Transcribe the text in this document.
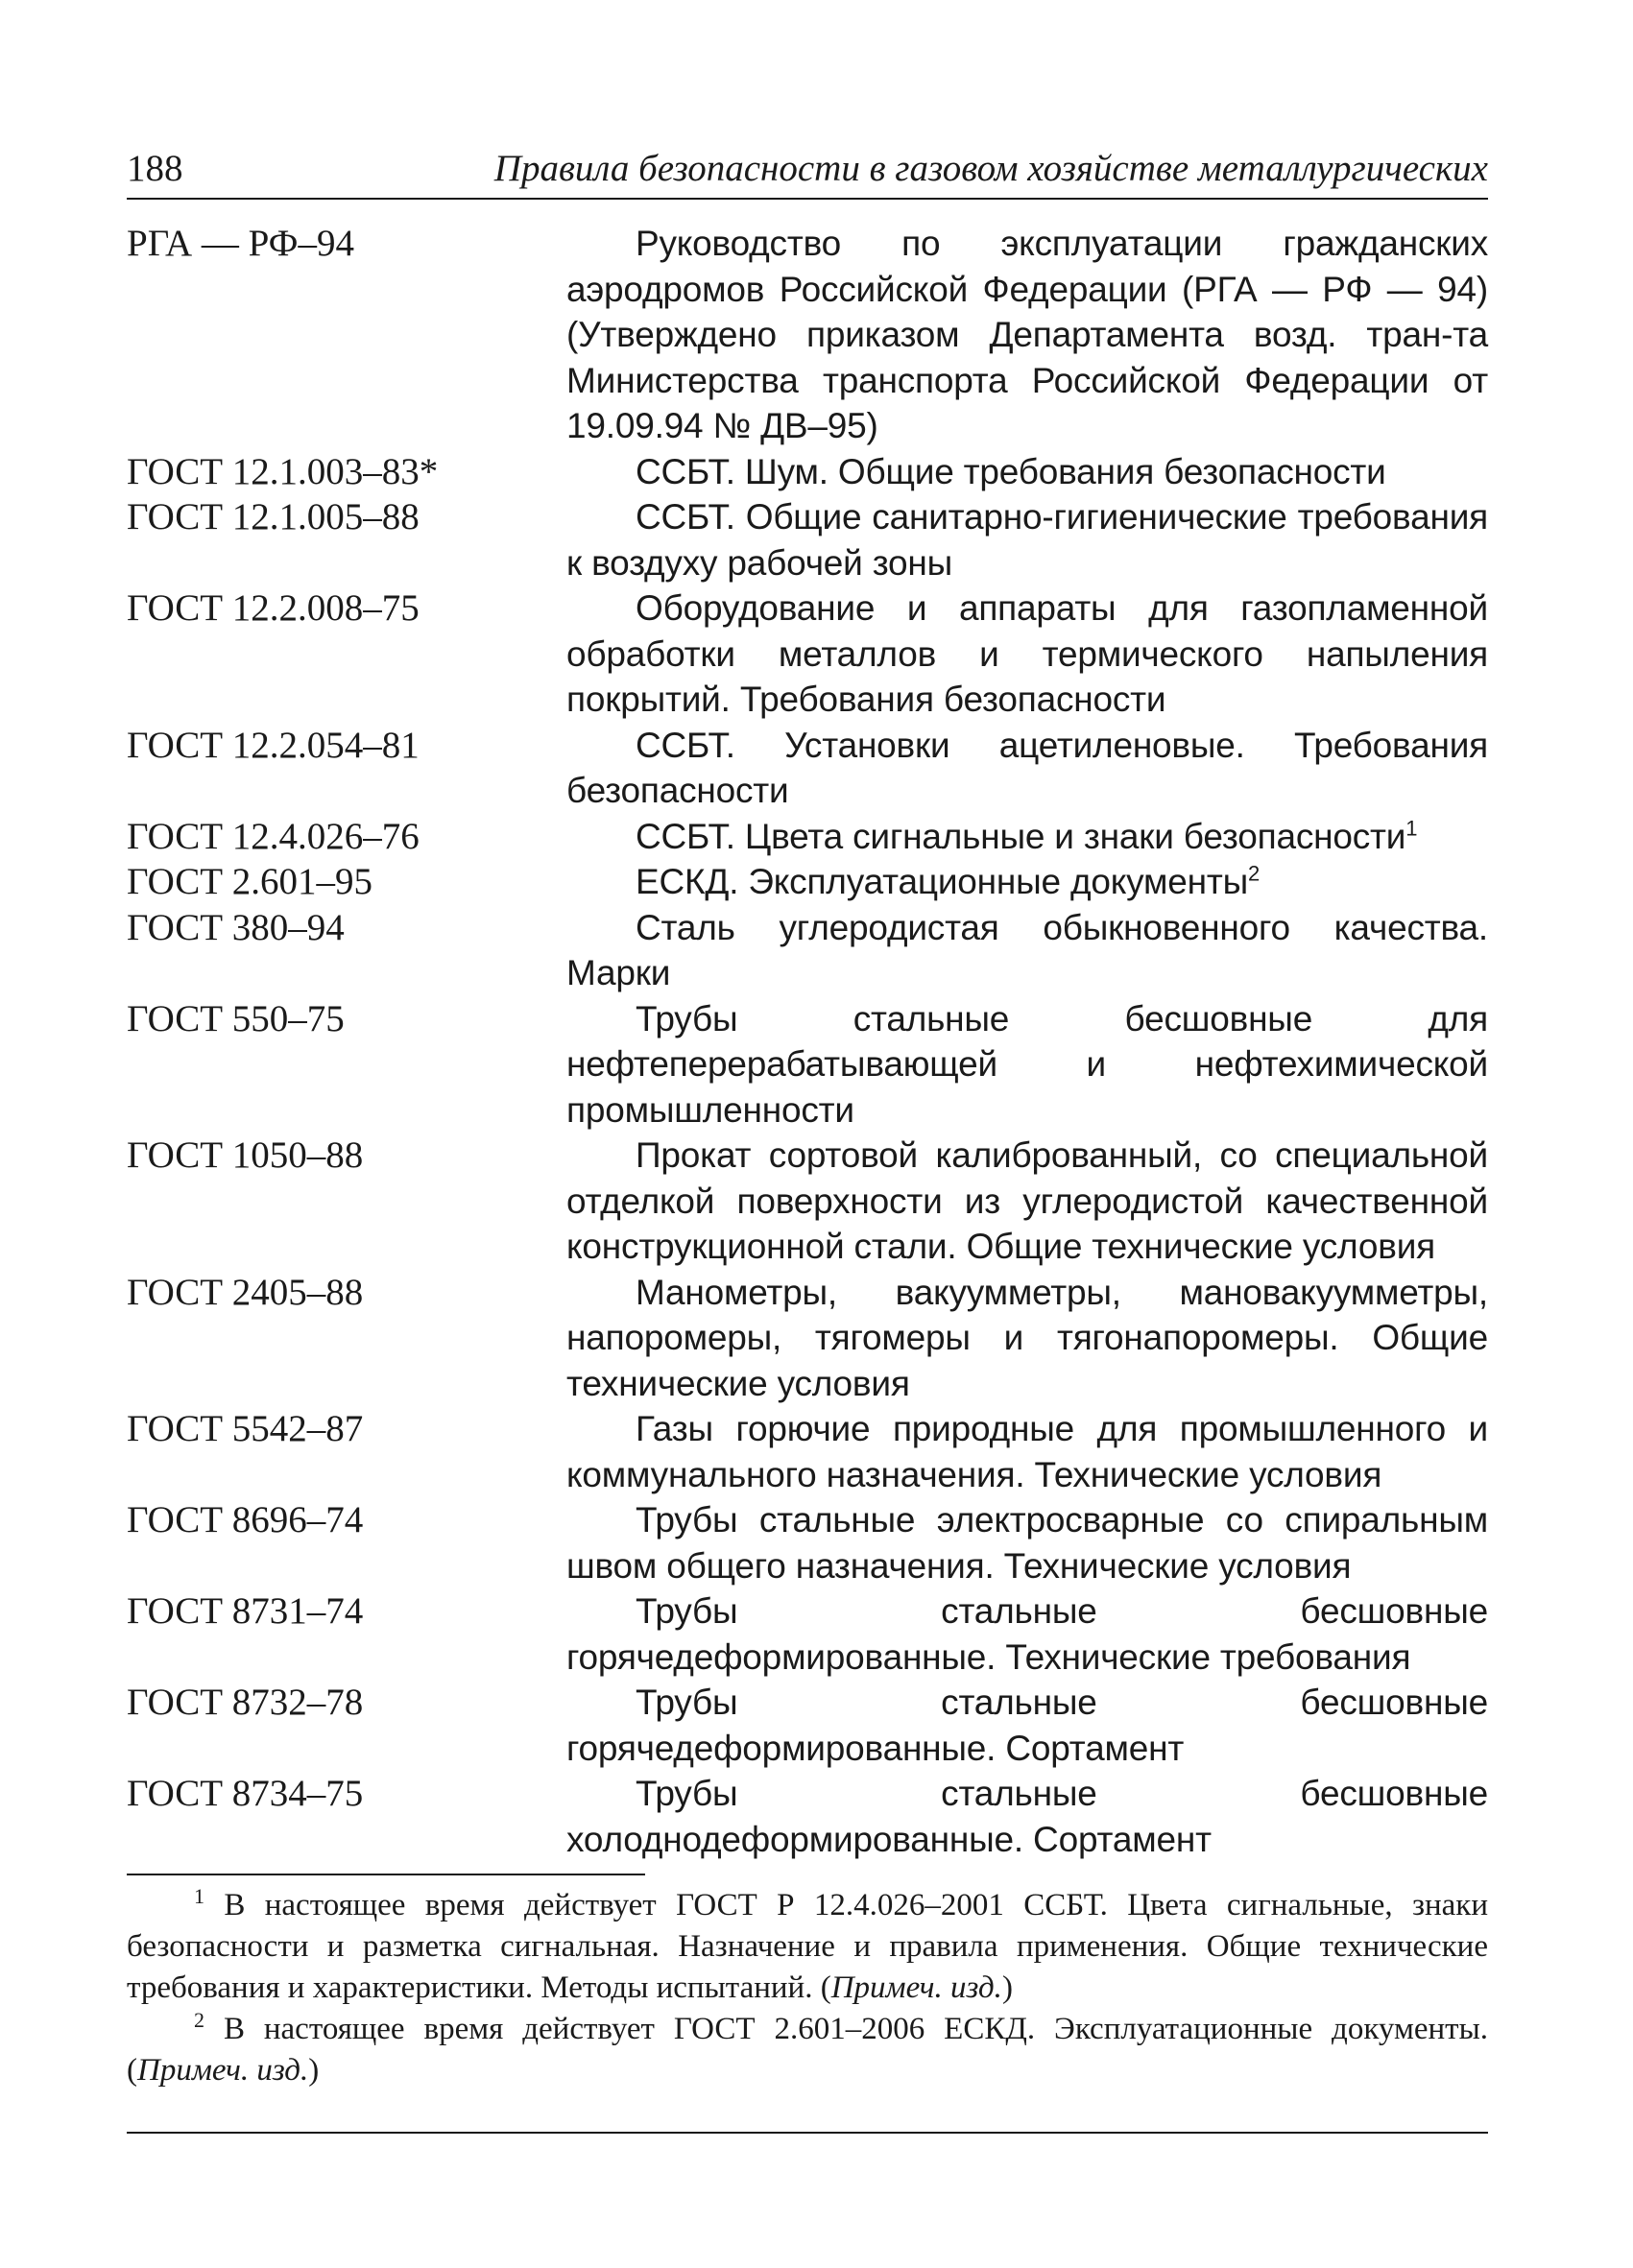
188	Правила безопасности в газовом хозяйстве металлургических
РГА — РФ–94	Руководство по эксплуатации гражданских аэродромов Российской Федерации (РГА — РФ — 94) (Утверждено приказом Департамента возд. тран-та Министерства транспорта Российской Федерации от 19.09.94 № ДВ–95)
ГОСТ 12.1.003–83*	ССБТ. Шум. Общие требования безопасности
ГОСТ 12.1.005–88	ССБТ. Общие санитарно-гигиенические требования к воздуху рабочей зоны
ГОСТ 12.2.008–75	Оборудование и аппараты для газопламенной обработки металлов и термического напыления покрытий. Требования безопасности
ГОСТ 12.2.054–81	ССБТ. Установки ацетиленовые. Требования безопасности
ГОСТ 12.4.026–76	ССБТ. Цвета сигнальные и знаки безопасности$^1$
ГОСТ 2.601–95	ЕСКД. Эксплуатационные документы$^2$
ГОСТ 380–94	Сталь углеродистая обыкновенного качества. Марки
ГОСТ 550–75	Трубы стальные бесшовные для нефтеперерабатывающей и нефтехимической промышленности
ГОСТ 1050–88	Прокат сортовой калиброванный, со специальной отделкой поверхности из углеродистой качественной конструкционной стали. Общие технические условия
ГОСТ 2405–88	Манометры, вакуумметры, мановакуумметры, напоромеры, тягомеры и тягонапоромеры. Общие технические условия
ГОСТ 5542–87	Газы горючие природные для промышленного и коммунального назначения. Технические условия
ГОСТ 8696–74	Трубы стальные электросварные со спиральным швом общего назначения. Технические условия
ГОСТ 8731–74	Трубы стальные бесшовные горячедеформированные. Технические требования
ГОСТ 8732–78	Трубы стальные бесшовные горячедеформированные. Сортамент
ГОСТ 8734–75	Трубы стальные бесшовные холоднодеформированные. Сортамент

$^1$ В настоящее время действует ГОСТ Р 12.4.026–2001 ССБТ. Цвета сигнальные, знаки безопасности и разметка сигнальная. Назначение и правила применения. Общие технические требования и характеристики. Методы испытаний. (Примеч. изд.)

$^2$ В настоящее время действует ГОСТ 2.601–2006 ЕСКД. Эксплуатационные документы. (Примеч. изд.)
